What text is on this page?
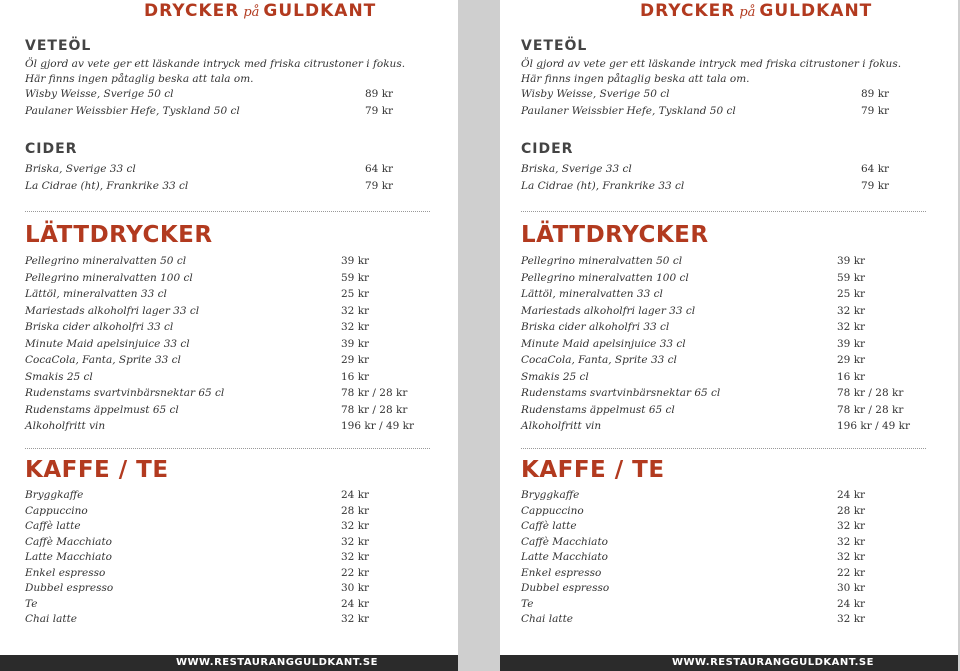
DRYCKER på GULDKANT
VETEÖL
Öl gjord av vete ger ett läskande intryck med friska citrustoner i fokus.
Här finns ingen påtaglig beska att tala om.
Wisby Weisse, Sverige 50 cl	89 kr
Paulaner Weissbier Hefe, Tyskland 50 cl	79 kr
CIDER
Briska, Sverige 33 cl	64 kr
La Cidrae (ht), Frankrike 33 cl	79 kr
LÄTTDRYCKER
Pellegrino mineralvatten 50 cl	39 kr
Pellegrino mineralvatten 100 cl	59 kr
Lättöl, mineralvatten 33 cl	25 kr
Mariestads alkoholfri lager 33 cl	32 kr
Briska cider alkoholfri 33 cl	32 kr
Minute Maid apelsinjuice 33 cl	39 kr
CocaCola, Fanta, Sprite 33 cl	29 kr
Smakis 25 cl	16 kr
Rudenstams svartvinbärsnektar 65 cl	78 kr / 28 kr
Rudenstams äppelmust 65 cl	78 kr / 28 kr
Alkoholfritt vin	196 kr / 49 kr
KAFFE / TE
Bryggkaffe	24 kr
Cappuccino	28 kr
Caffè latte	32 kr
Caffè Macchiato	32 kr
Latte Macchiato	32 kr
Enkel espresso	22 kr
Dubbel espresso	30 kr
Te	24 kr
Chai latte	32 kr
WWW.RESTAURANGGULDKANT.SE
DRYCKER på GULDKANT
VETEÖL
Öl gjord av vete ger ett läskande intryck med friska citrustoner i fokus.
Här finns ingen påtaglig beska att tala om.
Wisby Weisse, Sverige 50 cl	89 kr
Paulaner Weissbier Hefe, Tyskland 50 cl	79 kr
CIDER
Briska, Sverige 33 cl	64 kr
La Cidrae (ht), Frankrike 33 cl	79 kr
LÄTTDRYCKER
Pellegrino mineralvatten 50 cl	39 kr
Pellegrino mineralvatten 100 cl	59 kr
Lättöl, mineralvatten 33 cl	25 kr
Mariestads alkoholfri lager 33 cl	32 kr
Briska cider alkoholfri 33 cl	32 kr
Minute Maid apelsinjuice 33 cl	39 kr
CocaCola, Fanta, Sprite 33 cl	29 kr
Smakis 25 cl	16 kr
Rudenstams svartvinbärsnektar 65 cl	78 kr / 28 kr
Rudenstams äppelmust 65 cl	78 kr / 28 kr
Alkoholfritt vin	196 kr / 49 kr
KAFFE / TE
Bryggkaffe	24 kr
Cappuccino	28 kr
Caffè latte	32 kr
Caffè Macchiato	32 kr
Latte Macchiato	32 kr
Enkel espresso	22 kr
Dubbel espresso	30 kr
Te	24 kr
Chai latte	32 kr
WWW.RESTAURANGGULDKANT.SE
